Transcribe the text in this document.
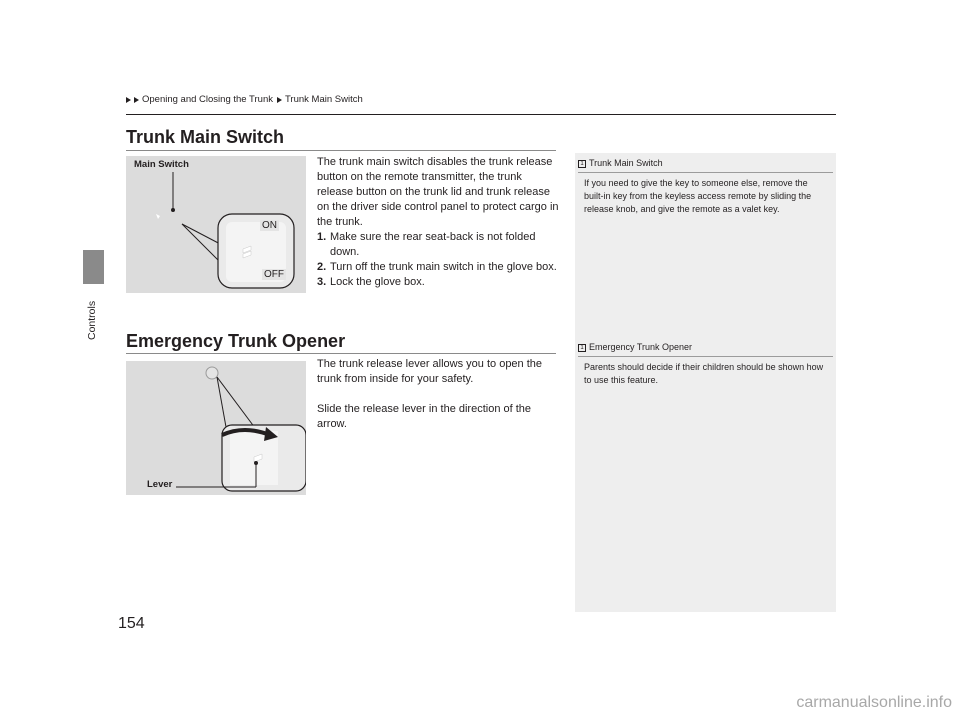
Controls
Opening and Closing the Trunk Trunk Main Switch
Trunk Main Switch
Main Switch
ON
OFF

The trunk main switch disables the trunk release button on the remote transmitter, the trunk release button on the trunk lid and trunk release on the driver side control panel to protect cargo in the trunk.

1. Make sure the rear seat-back is not folded down.
2. Turn off the trunk main switch in the glove box.
3. Lock the glove box.
1 Trunk Main Switch
If you need to give the key to someone else, remove the built-in key from the keyless access remote by sliding the release knob, and give the remote as a valet key.
Emergency Trunk Opener
Lever

The trunk release lever allows you to open the trunk from inside for your safety.

Slide the release lever in the direction of the arrow.

1 Emergency Trunk Opener
Parents should decide if their children should be shown how to use this feature.
154
carmanualsonline.info
